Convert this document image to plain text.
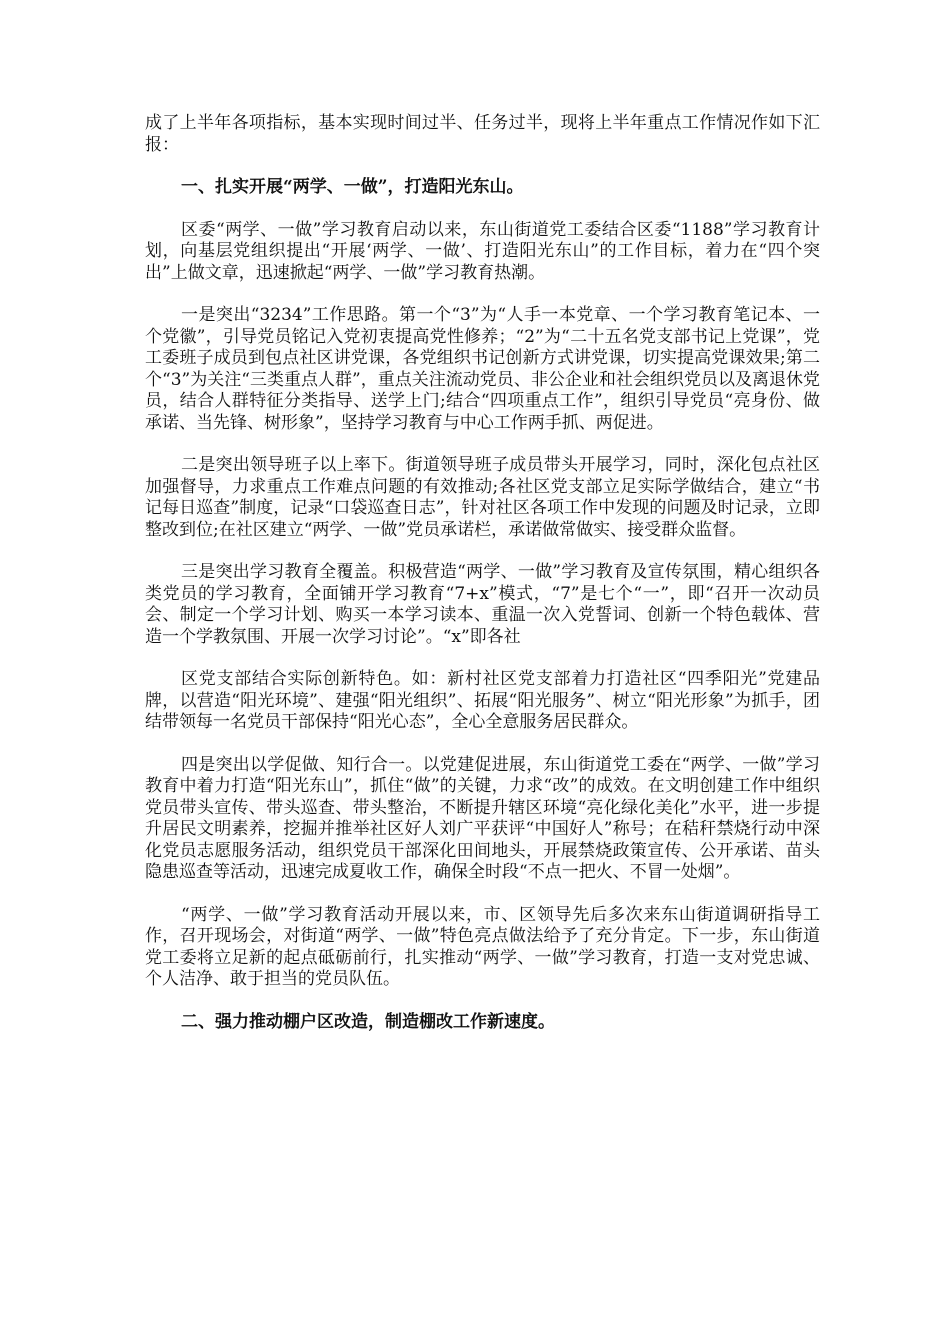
成了上半年各项指标，基本实现时间过半、任务过半，现将上半年重点工作情况作如下汇报：

一、扎实开展“两学、一做”，打造阳光东山。

区委“两学、一做”学习教育启动以来，东山街道党工委结合区委“1188”学习教育计划，向基层党组织提出“开展‘两学、一做’、打造阳光东山”的工作目标，着力在“四个突出”上做文章，迅速掀起“两学、一做”学习教育热潮。

一是突出“3234”工作思路。第一个“3”为“人手一本党章、一个学习教育笔记本、一个党徽”，引导党员铭记入党初衷提高党性修养；“2”为“二十五名党支部书记上党课”，党工委班子成员到包点社区讲党课，各党组织书记创新方式讲党课，切实提高党课效果;第二个“3”为关注“三类重点人群”，重点关注流动党员、非公企业和社会组织党员以及离退休党员，结合人群特征分类指导、送学上门;结合“四项重点工作”，组织引导党员“亮身份、做承诺、当先锋、树形象”，坚持学习教育与中心工作两手抓、两促进。

二是突出领导班子以上率下。街道领导班子成员带头开展学习，同时，深化包点社区加强督导，力求重点工作难点问题的有效推动;各社区党支部立足实际学做结合，建立“书记每日巡查”制度，记录“口袋巡查日志”，针对社区各项工作中发现的问题及时记录，立即整改到位;在社区建立“两学、一做”党员承诺栏，承诺做常做实、接受群众监督。

三是突出学习教育全覆盖。积极营造“两学、一做”学习教育及宣传氛围，精心组织各类党员的学习教育，全面铺开学习教育“7+x”模式，“7”是七个“一”，即“召开一次动员会、制定一个学习计划、购买一本学习读本、重温一次入党誓词、创新一个特色载体、营造一个学教氛围、开展一次学习讨论”。“x”即各社

区党支部结合实际创新特色。如：新村社区党支部着力打造社区“四季阳光”党建品牌，以营造“阳光环境”、建强“阳光组织”、拓展“阳光服务”、树立“阳光形象”为抓手，团结带领每一名党员干部保持“阳光心态”，全心全意服务居民群众。

四是突出以学促做、知行合一。以党建促进展，东山街道党工委在“两学、一做”学习教育中着力打造“阳光东山”，抓住“做”的关键，力求“改”的成效。在文明创建工作中组织党员带头宣传、带头巡查、带头整治，不断提升辖区环境“亮化绿化美化”水平，进一步提升居民文明素养，挖掘并推举社区好人刘广平获评“中国好人”称号；在秸秆禁烧行动中深化党员志愿服务活动，组织党员干部深化田间地头，开展禁烧政策宣传、公开承诺、苗头隐患巡查等活动，迅速完成夏收工作，确保全时段“不点一把火、不冒一处烟”。

“两学、一做”学习教育活动开展以来，市、区领导先后多次来东山街道调研指导工作，召开现场会，对街道“两学、一做”特色亮点做法给予了充分肯定。下一步，东山街道党工委将立足新的起点砥砺前行，扎实推动“两学、一做”学习教育，打造一支对党忠诚、个人洁净、敢于担当的党员队伍。

二、强力推动棚户区改造，制造棚改工作新速度。
